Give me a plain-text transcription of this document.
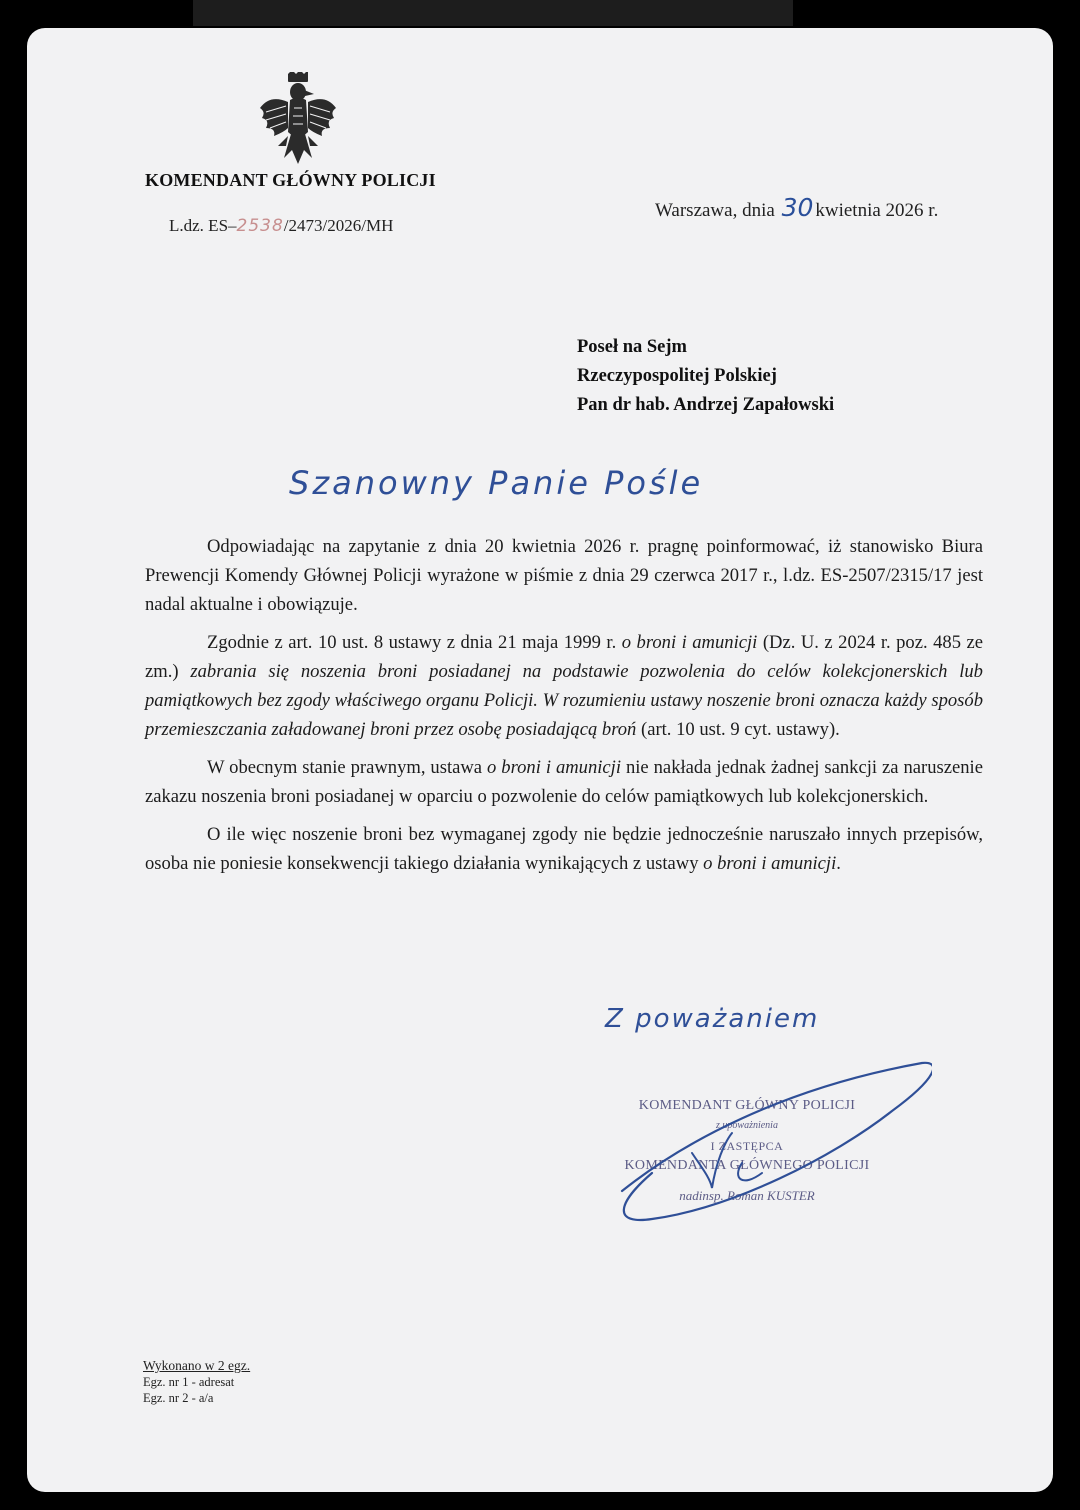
KOMENDANT GŁÓWNY POLICJI
L.dz. ES–2538/2473/2026/MH
Warszawa, dnia 30 kwietnia 2026 r.
Poseł na Sejm
Rzeczypospolitej Polskiej
Pan dr hab. Andrzej Zapałowski
Szanowny Panie Pośle

Odpowiadając na zapytanie z dnia 20 kwietnia 2026 r. pragnę poinformować, iż stanowisko Biura Prewencji Komendy Głównej Policji wyrażone w piśmie z dnia 29 czerwca 2017 r., l.dz. ES-2507/2315/17 jest nadal aktualne i obowiązuje.

Zgodnie z art. 10 ust. 8 ustawy z dnia 21 maja 1999 r. o broni i amunicji (Dz. U. z 2024 r. poz. 485 ze zm.) zabrania się noszenia broni posiadanej na podstawie pozwolenia do celów kolekcjonerskich lub pamiątkowych bez zgody właściwego organu Policji. W rozumieniu ustawy noszenie broni oznacza każdy sposób przemieszczania załadowanej broni przez osobę posiadającą broń (art. 10 ust. 9 cyt. ustawy).

W obecnym stanie prawnym, ustawa o broni i amunicji nie nakłada jednak żadnej sankcji za naruszenie zakazu noszenia broni posiadanej w oparciu o pozwolenie do celów pamiątkowych lub kolekcjonerskich.

O ile więc noszenie broni bez wymaganej zgody nie będzie jednocześnie naruszało innych przepisów, osoba nie poniesie konsekwencji takiego działania wynikających z ustawy o broni i amunicji.

Z poważaniem
KOMENDANT GŁÓWNY POLICJI
z upoważnienia
I ZASTĘPCA
KOMENDANTA GŁÓWNEGO POLICJI
nadinsp. Roman KUSTER
Wykonano w 2 egz.
Egz. nr 1 - adresat
Egz. nr 2 - a/a
